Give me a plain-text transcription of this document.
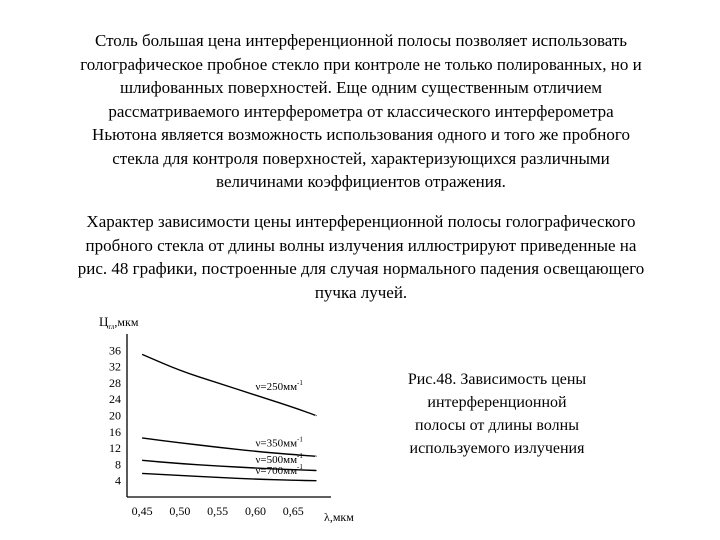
Столь большая цена интерференционной полосы позволяет использовать
голографическое пробное стекло при контроле не только полированных, но и
шлифованных поверхностей. Еще одним существенным отличием
рассматриваемого интерферометра от классического интерферометра
Ньютона является возможность использования одного и того же пробного
стекла для контроля поверхностей, характеризующихся различными
величинами коэффициентов отражения.
Характер зависимости цены интерференционной полосы голографического
пробного стекла от длины волны излучения иллюстрируют приведенные на
рис. 48 графики, построенные для случая нормального падения освещающего
пучка лучей.
36
32
28
24
20
16
12
8
4
0,45 0,50 0,55 0,60 0,65
$\nu=250мм^{-1}$
$\nu=350мм^{-1}$
$\nu=500мм^{-1}$
$\nu=700мм^{-1}$
$Ц_{гл},мкм$
λ,мкм
Рис.48. Зависимость цены
интерференционной
полосы от длины волны
используемого излучения
